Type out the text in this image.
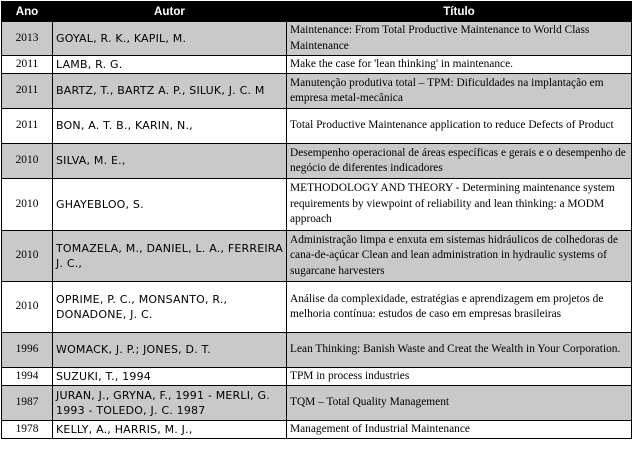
Ano	Autor	Título
2013	GOYAL, R. K., KAPIL, M.	Maintenance: From Total Productive Maintenance to World Class Maintenance
2011	LAMB, R. G.	Make the case for 'lean thinking' in maintenance.
2011	BARTZ, T., BARTZ A. P., SILUK, J. C. M	Manutenção produtiva total – TPM: Dificuldades na implantação em empresa metal-mecânica
2011	BON, A. T. B., KARIN, N.,	Total Productive Maintenance application to reduce Defects of Product
2010	SILVA, M. E.,	Desempenho operacional de áreas específicas e gerais e o desempenho de negócio de diferentes indicadores
2010	GHAYEBLOO, S.	METHODOLOGY AND THEORY - Determining maintenance system requirements by viewpoint of reliability and lean thinking: a MODM approach
2010	TOMAZELA, M., DANIEL, L. A., FERREIRA J. C.,	Administração limpa e enxuta em sistemas hidráulicos de colhedoras de cana-de-açúcar Clean and lean administration in hydraulic systems of sugarcane harvesters
2010	OPRIME, P. C., MONSANTO, R., DONADONE, J. C.	Análise da complexidade, estratégias e aprendizagem em projetos de melhoria contínua: estudos de caso em empresas brasileiras
1996	WOMACK, J. P.; JONES, D. T.	Lean Thinking: Banish Waste and Creat the Wealth in Your Corporation.
1994	SUZUKI, T., 1994	TPM in process industries
1987	JURAN, J., GRYNA, F., 1991 - MERLI, G. 1993 - TOLEDO, J. C. 1987	TQM – Total Quality Management
1978	KELLY, A., HARRIS, M. J.,	Management of Industrial Maintenance
